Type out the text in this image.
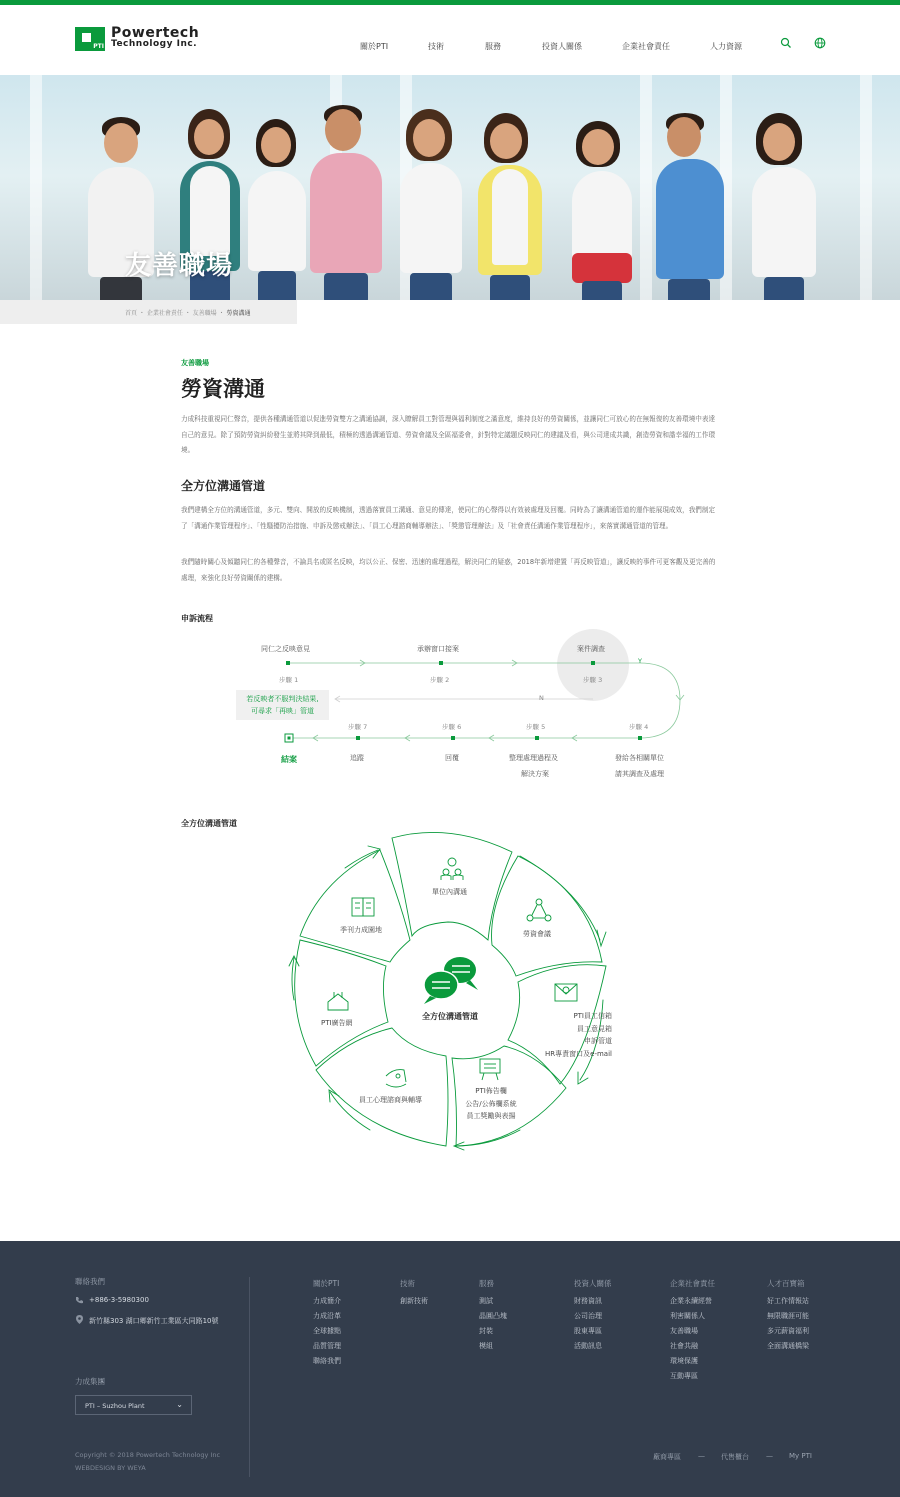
PTI
Powertech
Technology Inc.	關於PTI	技術	服務	投資人關係	企業社會責任	人力資源
友善職場
首頁 ・ 企業社會責任 ・ 友善職場 ・ 勞資溝通
友善職場
勞資溝通
力成科技重視同仁聲音，提供各種溝通管道以促進勞資雙方之溝通協調，深入瞭解員工對管理與福利制度之滿意度，維持良好的勞資關係，並讓同仁可放心的在無報復的友善環境中表達自己的意見。除了預防勞資糾紛發生並將其降到最低，積極的透過溝通管道、勞資會議及全區福委會，針對特定議題反映同仁的建議及看，與公司達成共識，創造勞資和諧幸福的工作環境。
全方位溝通管道
我們建構全方位的溝通管道，多元、雙向、開放的反映機制，透過落實員工溝通、意見的傳達，使同仁的心聲得以有效被處理及回覆。同時為了讓溝通管道的運作能展現成效，我們制定了「溝通作業管理程序」、「性騷擾防治措施、申訴及懲戒辦法」、「員工心理諮商輔導辦法」、「獎懲管理辦法」及「社會責任溝通作業管理程序」，來落實溝通管道的管理。
我們隨時關心及傾聽同仁的各種聲音，不論具名或匿名反映，均以公正、保密、迅速的處理過程，解決同仁的疑惑，2018年新增建置「再反映管道」，讓反映的事件可更客觀及更完善的處理，來強化良好勞資關係的建構。
申訴流程
同仁之反映意見
步驟 1
承辦窗口接案
步驟 2
案件調查
步驟 3
Y
N
若反映者不服判決結果,
可尋求「再映」管道
步驟 7
追蹤
步驟 6
回覆
步驟 5
整理處理過程及
解決方案
步驟 4
發給各相關單位
請其調查及處理
結案
全方位溝通管道
全方位溝通管道
單位內溝通
勞資會議
PTI員工信箱
員工意見箱
申訴管道
HR專責窗口及e-mail
PTI佈告欄
公告/公佈欄系統
員工獎勵與表揚
員工心理諮商與輔導
PTI廣告網
季刊力成園地
聯絡我們
+886-3-5980300
新竹縣303 湖口鄉新竹工業區大同路10號
力成集團
PTI – Suzhou Plant	⌄
關於PTI
力成簡介
力成沿革
全球據點
品質管理
聯絡我們
技術
創新技術
服務
測試
晶圓凸塊
封裝
模組
投資人關係
財務資訊
公司治理
股東專區
活動訊息
企業社會責任
企業永續經營
利害關係人
友善職場
社會共融
環境保護
互動專區
人才百寶箱
好工作情報站
無限職涯可能
多元薪資福利
全面溝通橋梁
Copyright © 2018 Powertech Technology Inc
WEBDESIGN BY WEYA
廠商專區 — 代售櫃台 — My PTI
